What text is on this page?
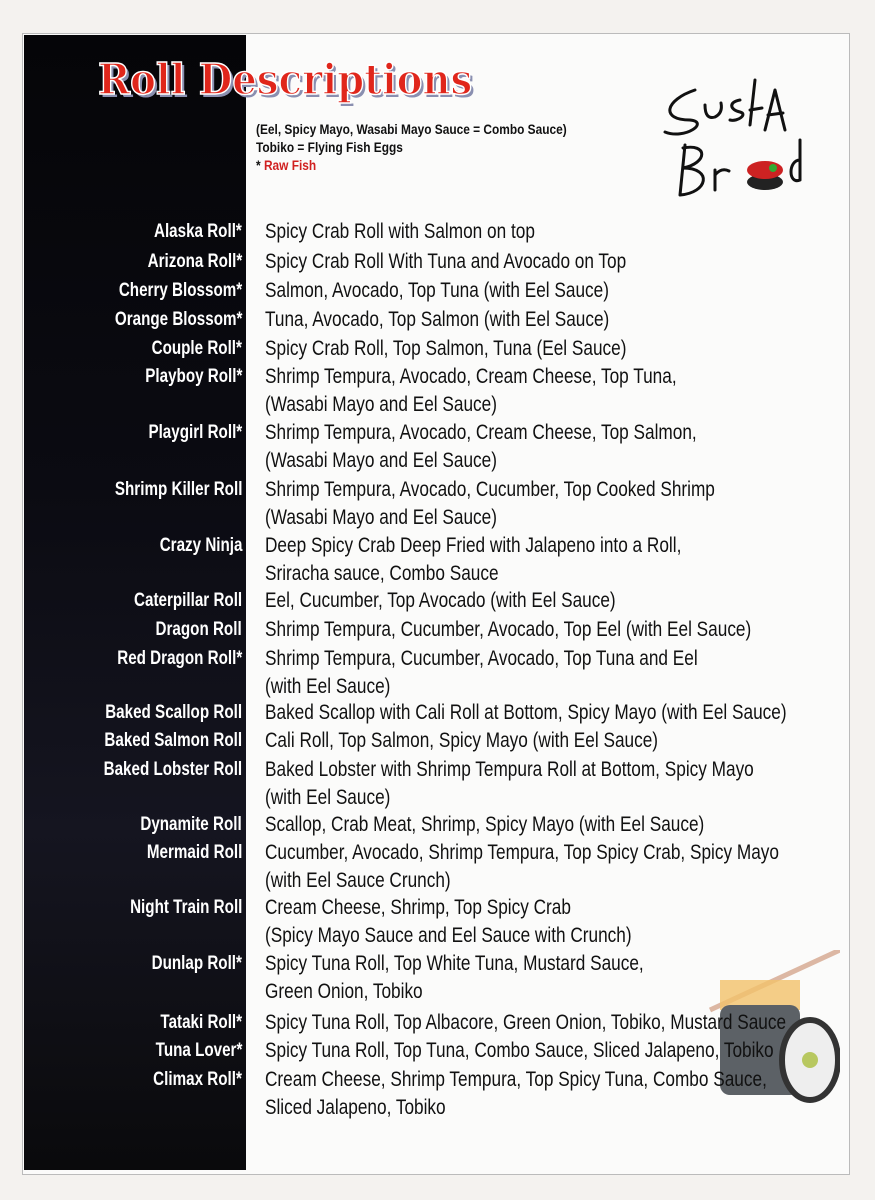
Roll Descriptions
(Eel, Spicy Mayo, Wasabi Mayo Sauce = Combo Sauce)
Tobiko = Flying Fish Eggs
* Raw Fish
Alaska Roll* Spicy Crab Roll with Salmon on top
Arizona Roll* Spicy Crab Roll With Tuna and Avocado on Top
Cherry Blossom* Salmon, Avocado, Top Tuna (with Eel Sauce)
Orange Blossom* Tuna, Avocado, Top Salmon (with Eel Sauce)
Couple Roll* Spicy Crab Roll, Top Salmon, Tuna (Eel Sauce)
Playboy Roll* Shrimp Tempura, Avocado, Cream Cheese, Top Tuna,
(Wasabi Mayo and Eel Sauce)
Playgirl Roll* Shrimp Tempura, Avocado, Cream Cheese, Top Salmon,
(Wasabi Mayo and Eel Sauce)
Shrimp Killer Roll Shrimp Tempura, Avocado, Cucumber, Top Cooked Shrimp
(Wasabi Mayo and Eel Sauce)
Crazy Ninja Deep Spicy Crab Deep Fried with Jalapeno into a Roll,
Sriracha sauce, Combo Sauce
Caterpillar Roll Eel, Cucumber, Top Avocado (with Eel Sauce)
Dragon Roll Shrimp Tempura, Cucumber, Avocado, Top Eel (with Eel Sauce)
Red Dragon Roll* Shrimp Tempura, Cucumber, Avocado, Top Tuna and Eel
(with Eel Sauce)
Baked Scallop Roll Baked Scallop with Cali Roll at Bottom, Spicy Mayo (with Eel Sauce)
Baked Salmon Roll Cali Roll, Top Salmon, Spicy Mayo (with Eel Sauce)
Baked Lobster Roll Baked Lobster with Shrimp Tempura Roll at Bottom, Spicy Mayo
(with Eel Sauce)
Dynamite Roll Scallop, Crab Meat, Shrimp, Spicy Mayo (with Eel Sauce)
Mermaid Roll Cucumber, Avocado, Shrimp Tempura, Top Spicy Crab, Spicy Mayo
(with Eel Sauce Crunch)
Night Train Roll Cream Cheese, Shrimp, Top Spicy Crab
(Spicy Mayo Sauce and Eel Sauce with Crunch)
Dunlap Roll* Spicy Tuna Roll, Top White Tuna, Mustard Sauce,
Green Onion, Tobiko
Tataki Roll* Spicy Tuna Roll, Top Albacore, Green Onion, Tobiko, Mustard Sauce
Tuna Lover* Spicy Tuna Roll, Top Tuna, Combo Sauce, Sliced Jalapeno, Tobiko
Climax Roll* Cream Cheese, Shrimp Tempura, Top Spicy Tuna, Combo Sauce,
Sliced Jalapeno, Tobiko
